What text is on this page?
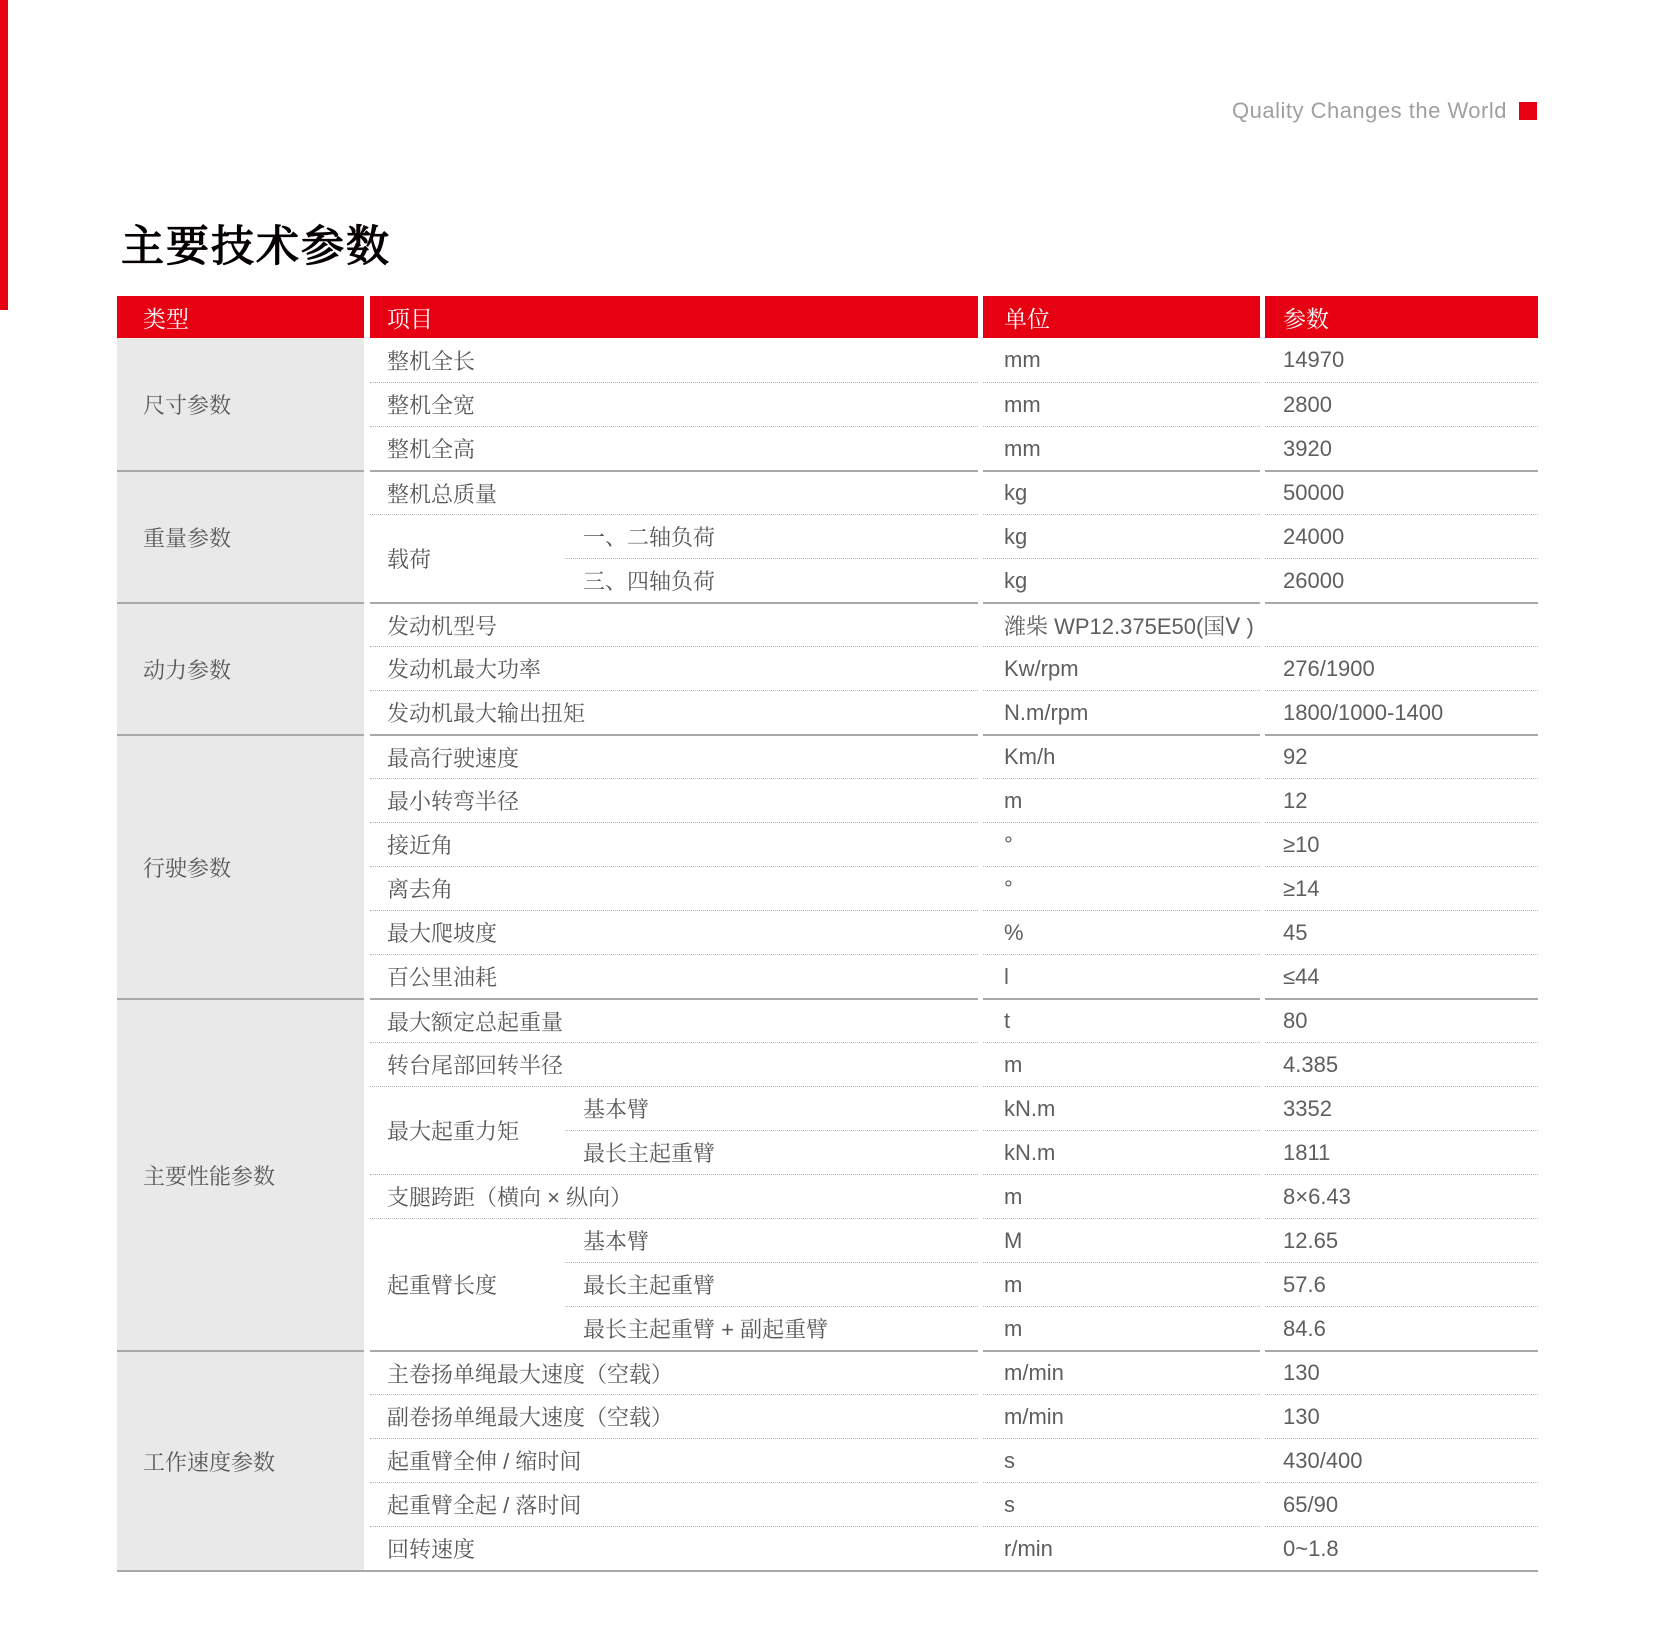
Quality Changes the World
主要技术参数
类型	项目	单位	参数
尺寸参数
整机全长	mm	14970
整机全宽	mm	2800
整机全高	mm	3920
重量参数
整机总质量	kg	50000
载荷
一、二轴负荷	kg	24000
三、四轴负荷	kg	26000
动力参数
发动机型号	潍柴 WP12.375E50(国Ⅴ )
发动机最大功率	Kw/rpm	276/1900
发动机最大输出扭矩	N.m/rpm	1800/1000-1400
行驶参数
最高行驶速度	Km/h	92
最小转弯半径	m	12
接近角	°	≥10
离去角	°	≥14
最大爬坡度	%	45
百公里油耗	l	≤44
主要性能参数
最大额定总起重量	t	80
转台尾部回转半径	m	4.385
最大起重力矩
基本臂	kN.m	3352
最长主起重臂	kN.m	1811
支腿跨距（横向 × 纵向）	m	8×6.43
起重臂长度
基本臂	M	12.65
最长主起重臂	m	57.6
最长主起重臂 + 副起重臂	m	84.6
工作速度参数
主卷扬单绳最大速度（空载）	m/min	130
副卷扬单绳最大速度（空载）	m/min	130
起重臂全伸 / 缩时间	s	430/400
起重臂全起 / 落时间	s	65/90
回转速度	r/min	0~1.8
